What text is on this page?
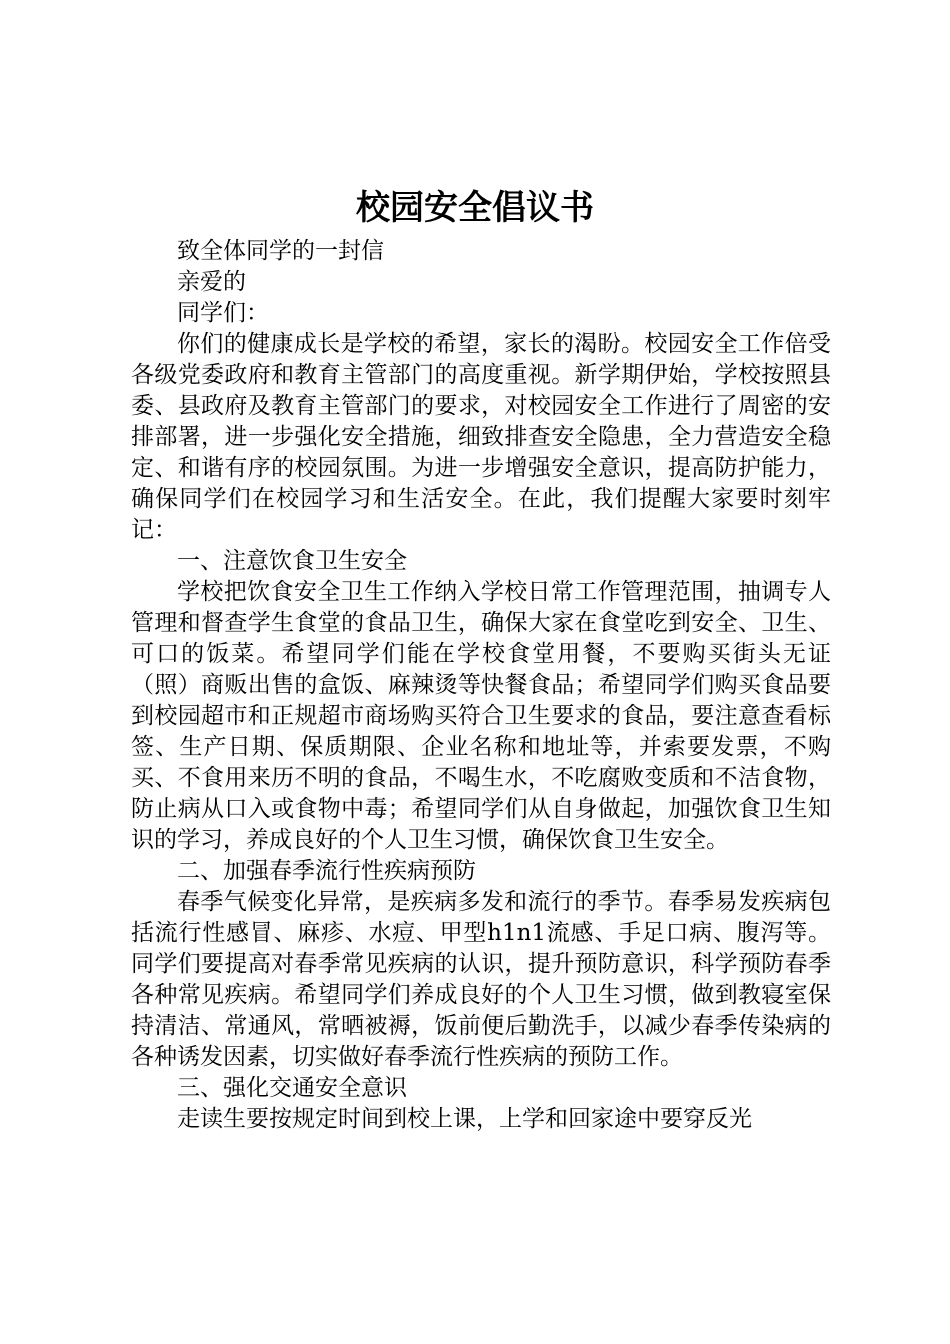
校园安全倡议书

致全体同学的一封信

亲爱的

同学们：

你们的健康成长是学校的希望，家长的渴盼。校园安全工作倍受各级党委政府和教育主管部门的高度重视。新学期伊始，学校按照县委、县政府及教育主管部门的要求，对校园安全工作进行了周密的安排部署，进一步强化安全措施，细致排查安全隐患，全力营造安全稳定、和谐有序的校园氛围。为进一步增强安全意识，提高防护能力，确保同学们在校园学习和生活安全。在此，我们提醒大家要时刻牢记：

一、注意饮食卫生安全

学校把饮食安全卫生工作纳入学校日常工作管理范围，抽调专人管理和督查学生食堂的食品卫生，确保大家在食堂吃到安全、卫生、可口的饭菜。希望同学们能在学校食堂用餐，不要购买街头无证（照）商贩出售的盒饭、麻辣烫等快餐食品；希望同学们购买食品要到校园超市和正规超市商场购买符合卫生要求的食品，要注意查看标签、生产日期、保质期限、企业名称和地址等，并索要发票，不购买、不食用来历不明的食品，不喝生水，不吃腐败变质和不洁食物，防止病从口入或食物中毒；希望同学们从自身做起，加强饮食卫生知识的学习，养成良好的个人卫生习惯，确保饮食卫生安全。

二、加强春季流行性疾病预防

春季气候变化异常，是疾病多发和流行的季节。春季易发疾病包括流行性感冒、麻疹、水痘、甲型h1n1流感、手足口病、腹泻等。同学们要提高对春季常见疾病的认识，提升预防意识，科学预防春季各种常见疾病。希望同学们养成良好的个人卫生习惯，做到教寝室保持清洁、常通风，常晒被褥，饭前便后勤洗手，以减少春季传染病的各种诱发因素，切实做好春季流行性疾病的预防工作。

三、强化交通安全意识

走读生要按规定时间到校上课，上学和回家途中要穿反光
